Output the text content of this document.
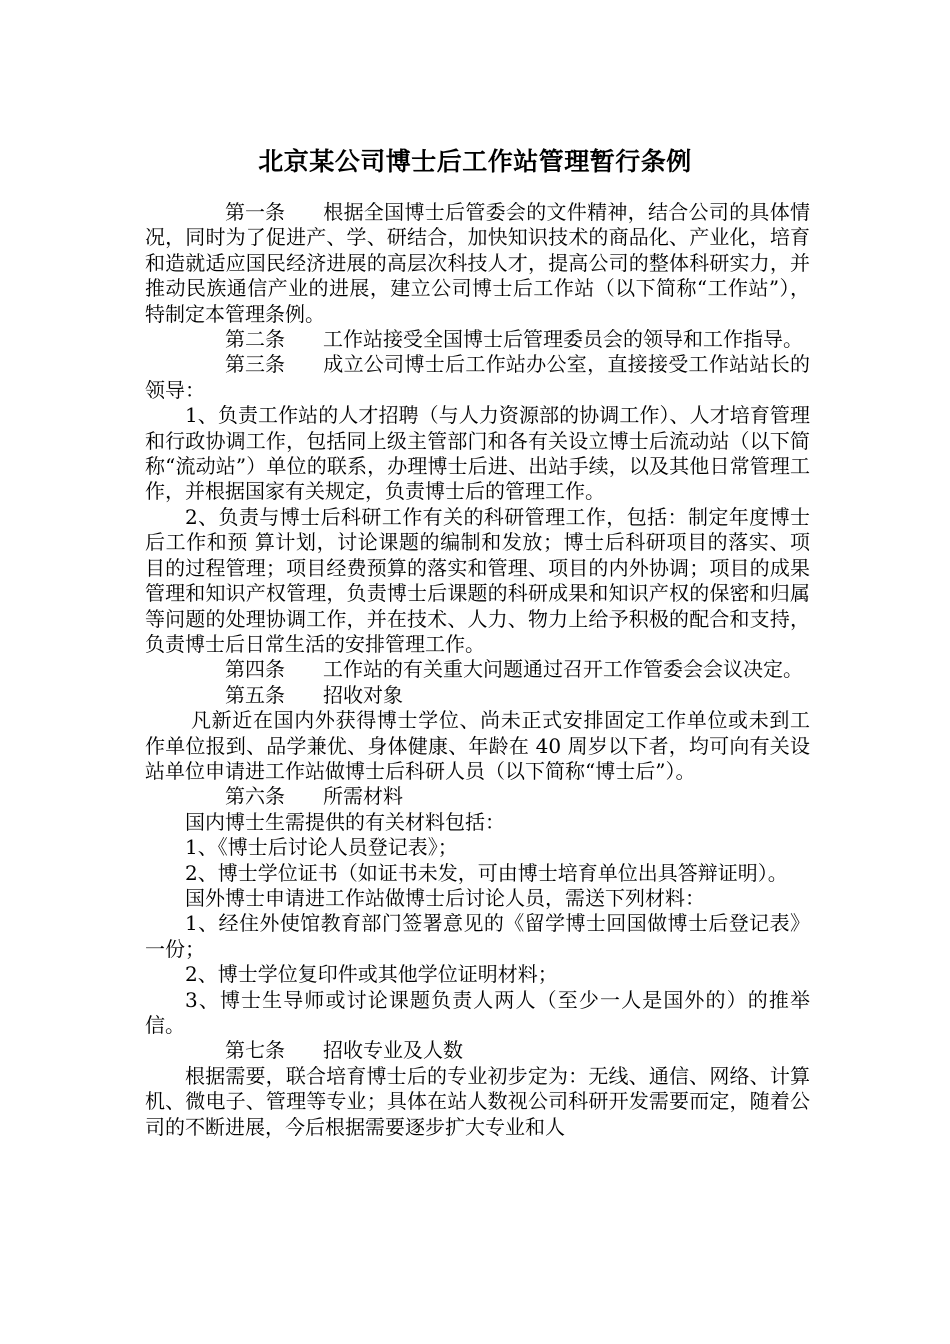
北京某公司博士后工作站管理暂行条例

第一条 根据全国博士后管委会的文件精神，结合公司的具体情况，同时为了促进产、学、研结合，加快知识技术的商品化、产业化，培育和造就适应国民经济进展的高层次科技人才，提高公司的整体科研实力，并推动民族通信产业的进展，建立公司博士后工作站（以下简称“工作站”），特制定本管理条例。

第二条 工作站接受全国博士后管理委员会的领导和工作指导。

第三条 成立公司博士后工作站办公室，直接接受工作站站长的领导：

1、负责工作站的人才招聘（与人力资源部的协调工作）、人才培育管理和行政协调工作，包括同上级主管部门和各有关设立博士后流动站（以下简称“流动站”）单位的联系，办理博士后进、出站手续，以及其他日常管理工作，并根据国家有关规定，负责博士后的管理工作。

2、负责与博士后科研工作有关的科研管理工作，包括：制定年度博士后工作和预 算计划，讨论课题的编制和发放；博士后科研项目的落实、项目的过程管理；项目经费预算的落实和管理、项目的内外协调；项目的成果管理和知识产权管理，负责博士后课题的科研成果和知识产权的保密和归属等问题的处理协调工作，并在技术、人力、物力上给予积极的配合和支持，负责博士后日常生活的安排管理工作。

第四条 工作站的有关重大问题通过召开工作管委会会议决定。

第五条 招收对象

凡新近在国内外获得博士学位、尚未正式安排固定工作单位或未到工作单位报到、品学兼优、身体健康、年龄在 40 周岁以下者，均可向有关设站单位申请进工作站做博士后科研人员（以下简称“博士后”）。

第六条 所需材料

国内博士生需提供的有关材料包括：

1、《博士后讨论人员登记表》；

2、博士学位证书（如证书未发，可由博士培育单位出具答辩证明）。

国外博士申请进工作站做博士后讨论人员，需送下列材料：

1、经住外使馆教育部门签署意见的《留学博士回国做博士后登记表》一份；

2、博士学位复印件或其他学位证明材料；

3、博士生导师或讨论课题负责人两人（至少一人是国外的）的推举信。

第七条 招收专业及人数

根据需要，联合培育博士后的专业初步定为：无线、通信、网络、计算机、微电子、管理等专业；具体在站人数视公司科研开发需要而定，随着公司的不断进展，今后根据需要逐步扩大专业和人
